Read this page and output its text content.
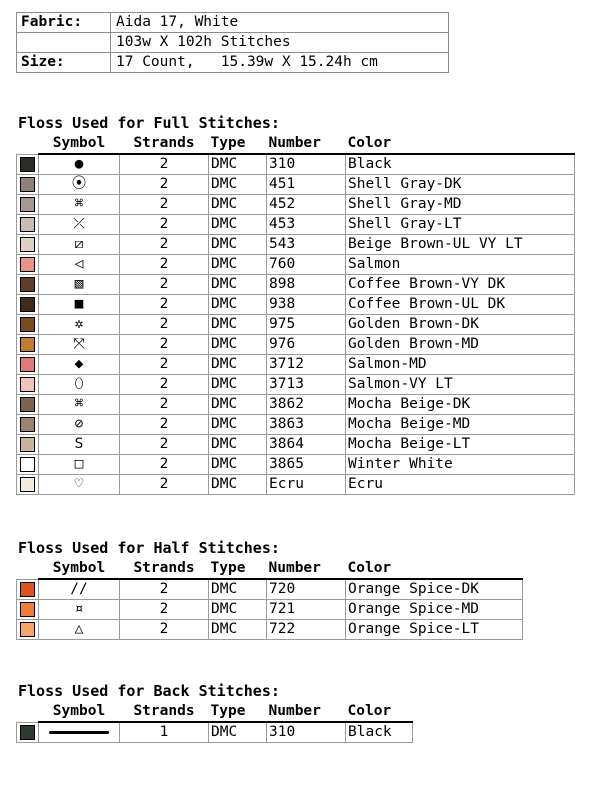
Fabric:	Aida 17, White
	103w X 102h Stitches
Size:	17 Count,   15.39w X 15.24h cm
Floss Used for Full Stitches:
	Symbol	Strands	Type	Number	Color

	●	2	DMC	310	Black

	⦿	2	DMC	451	Shell Gray-DK

	⌘	2	DMC	452	Shell Gray-MD

	⤫	2	DMC	453	Shell Gray-LT

	⧄	2	DMC	543	Beige Brown-UL VY LT

	◁	2	DMC	760	Salmon

	▧	2	DMC	898	Coffee Brown-VY DK

	■	2	DMC	938	Coffee Brown-UL DK

	✲	2	DMC	975	Golden Brown-DK

	⤧	2	DMC	976	Golden Brown-MD

	◆	2	DMC	3712	Salmon-MD

	⬯	2	DMC	3713	Salmon-VY LT

	⌘	2	DMC	3862	Mocha Beige-DK

	⊘	2	DMC	3863	Mocha Beige-MD

	S	2	DMC	3864	Mocha Beige-LT

	□	2	DMC	3865	Winter White

	♡	2	DMC	Ecru	Ecru
Floss Used for Half Stitches:
	Symbol	Strands	Type	Number	Color

	//	2	DMC	720	Orange Spice-DK

	¤	2	DMC	721	Orange Spice-MD

	△	2	DMC	722	Orange Spice-LT
Floss Used for Back Stitches:
	Symbol	Strands	Type	Number	Color

		1	DMC	310	Black
